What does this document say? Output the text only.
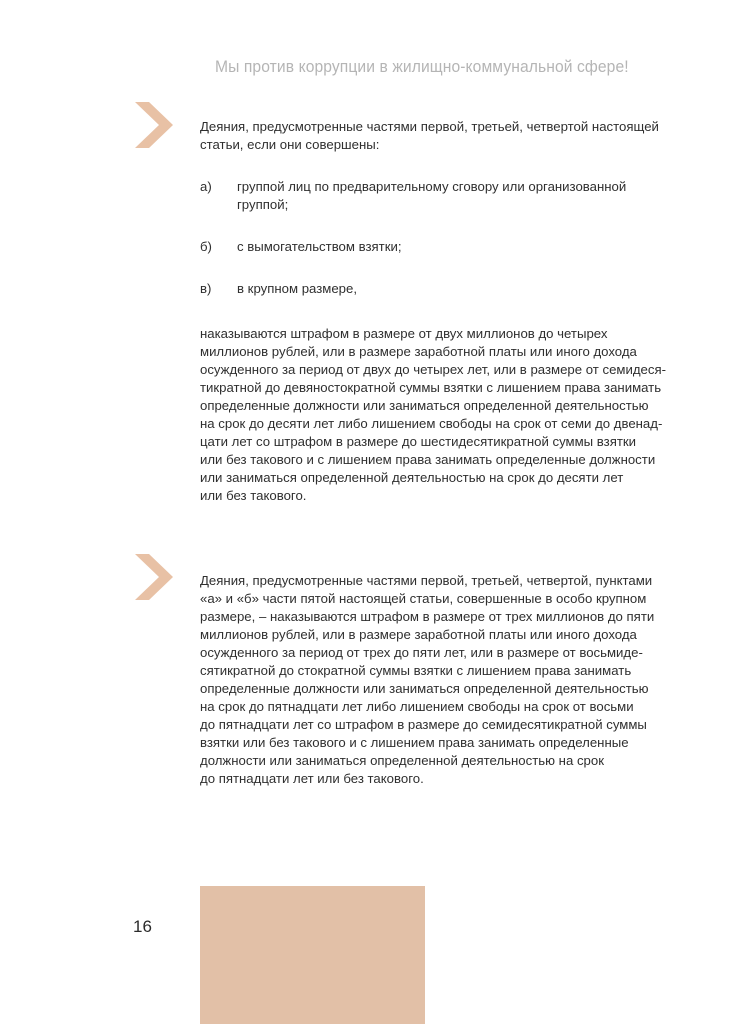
Мы против коррупции в жилищно-коммунальной сфере!
Деяния, предусмотренные частями первой, третьей, четвертой настоящей
статьи, если они совершены:
а)	группой лиц по предварительному сговору или организованной
группой;
б)	с вымогательством взятки;
в)	в крупном размере,
наказываются штрафом в размере от двух миллионов до четырех
миллионов рублей, или в размере заработной платы или иного дохода
осужденного за период от двух до четырех лет, или в размере от семидеся-
тикратной до девяностократной суммы взятки с лишением права занимать
определенные должности или заниматься определенной деятельностью
на срок до десяти лет либо лишением свободы на срок от семи до двенад-
цати лет со штрафом в размере до шестидесятикратной суммы взятки
или без такового и с лишением права занимать определенные должности
или заниматься определенной деятельностью на срок до десяти лет
или без такового.
Деяния, предусмотренные частями первой, третьей, четвертой, пунктами
«а» и «б» части пятой настоящей статьи, совершенные в особо крупном
размере, – наказываются штрафом в размере от трех миллионов до пяти
миллионов рублей, или в размере заработной платы или иного дохода
осужденного за период от трех до пяти лет, или в размере от восьмиде-
сятикратной до стократной суммы взятки с лишением права занимать
определенные должности или заниматься определенной деятельностью
на срок до пятнадцати лет либо лишением свободы на срок от восьми
до пятнадцати лет со штрафом в размере до семидесятикратной суммы
взятки или без такового и с лишением права занимать определенные
должности или заниматься определенной деятельностью на срок
до пятнадцати лет или без такового.
16
